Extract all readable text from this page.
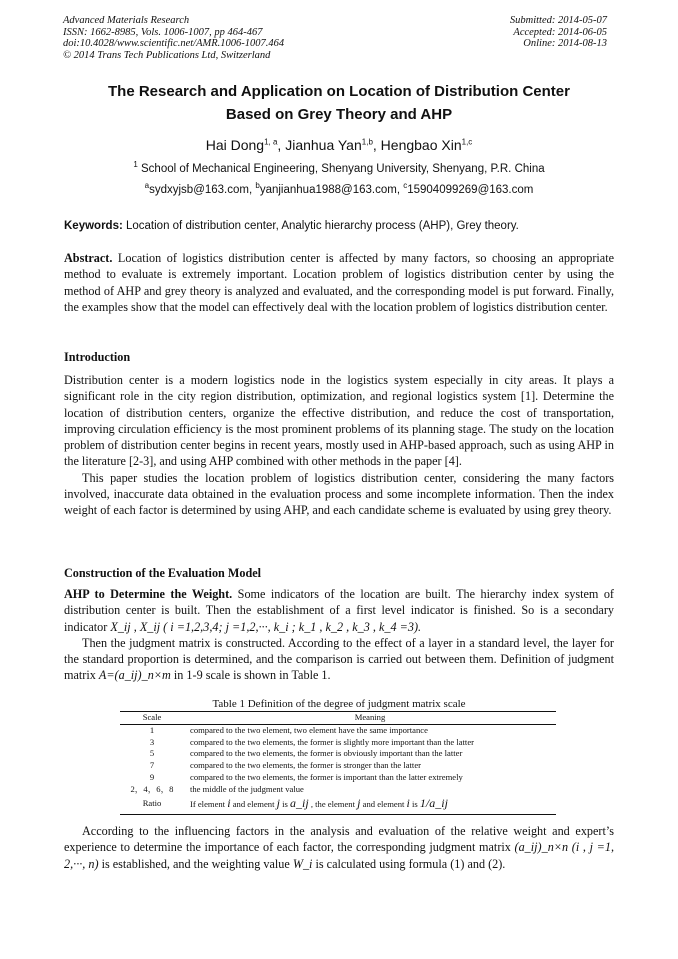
Advanced Materials Research
ISSN: 1662-8985, Vols. 1006-1007, pp 464-467
doi:10.4028/www.scientific.net/AMR.1006-1007.464
© 2014 Trans Tech Publications Ltd, Switzerland
Submitted: 2014-05-07
Accepted: 2014-06-05
Online: 2014-08-13
The Research and Application on Location of Distribution Center
Based on Grey Theory and AHP
Hai Dong$^{1, a}$, Jianhua Yan$^{1,b}$, Hengbao Xin$^{1,c}$
$^1$ School of Mechanical Engineering, Shenyang University, Shenyang, P.R. China
$^a$sydxyjsb@163.com, $^b$yanjianhua1988@163.com, $^c$15904099269@163.com
Keywords: Location of distribution center, Analytic hierarchy process (AHP), Grey theory.

Abstract. Location of logistics distribution center is affected by many factors, so choosing an appropriate method to evaluate is extremely important. Location problem of logistics distribution center by using the method of AHP and grey theory is analyzed and evaluated, and the corresponding model is put forward. Finally, the examples show that the model can effectively deal with the location problem of logistics distribution center.

Introduction

Distribution center is a modern logistics node in the logistics system especially in city areas. It plays a significant role in the city region distribution, optimization, and regional logistics system [1]. Determine the location of distribution centers, organize the effective distribution, and reduce the cost of transportation, improving circulation efficiency is the most prominent problems of its planning stage. The study on the location problem of distribution center begins in recent years, mostly used in AHP-based approach, such as using AHP in the literature [2-3], and using AHP combined with other methods in the paper [4].

This paper studies the location problem of logistics distribution center, considering the many factors involved, inaccurate data obtained in the evaluation process and some incomplete information. Then the index weight of each factor is determined by using AHP, and each candidate scheme is evaluated by using grey theory.

Construction of the Evaluation Model

AHP to Determine the Weight. Some indicators of the location are built. The hierarchy index system of distribution center is built. Then the establishment of a first level indicator is finished. So is a secondary indicator X_ij , X_ij ( i =1,2,3,4; j =1,2,···, k_i ; k_1 , k_2 , k_3 , k_4 =3).

Then the judgment matrix is constructed. According to the effect of a layer in a standard level, the layer for the standard proportion is determined, and the comparison is carried out between them. Definition of judgment matrix A=(a_ij)_n×m in 1-9 scale is shown in Table 1.

Table 1 Definition of the degree of judgment matrix scale
Scale	Meaning
1	compared to the two element, two element have the same importance
3	compared to the two elements, the former is slightly more important than the latter
5	compared to the two elements, the former is obviously important than the latter
7	compared to the two elements, the former is stronger than the latter
9	compared to the two elements, the former is important than the latter extremely
2，4，6，8	the middle of the judgment value
Ratio	If element i and element j is a_ij , the element j and element i is 1/a_ij

According to the influencing factors in the analysis and evaluation of the relative weight and expert’s experience to determine the importance of each factor, the corresponding judgment matrix (a_ij)_n×n (i , j =1, 2,···, n) is established, and the weighting value W_i is calculated using formula (1) and (2).
